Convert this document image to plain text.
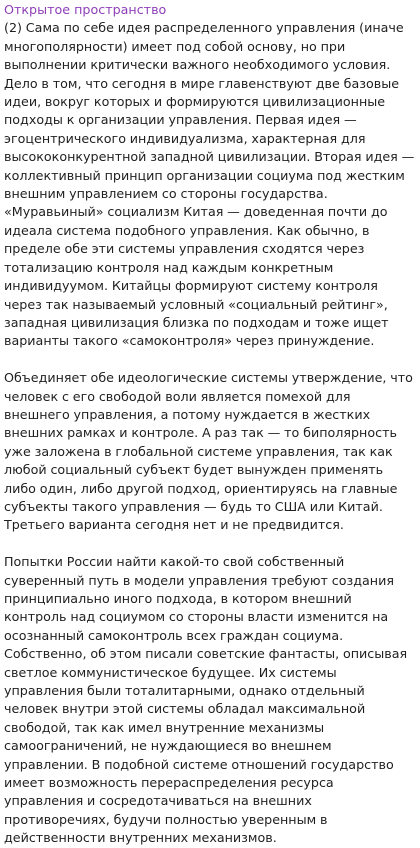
Открытое пространство

(2) Сама по себе идея распределенного управления (иначе многополярности) имеет под собой основу, но при выполнении критически важного необходимого условия. Дело в том, что сегодня в мире главенствуют две базовые идеи, вокруг которых и формируются цивилизационные подходы к организации управления. Первая идея — эгоцентрического индивидуализма, характерная для высококонкурентной западной цивилизации. Вторая идея — коллективный принцип организации социума под жестким внешним управлением со стороны государства. «Муравьиный» социализм Китая — доведенная почти до идеала система подобного управления. Как обычно, в пределе обе эти системы управления сходятся через тотализацию контроля над каждым конкретным индивидуумом. Китайцы формируют систему контроля через так называемый условный «социальный рейтинг», западная цивилизация близка по подходам и тоже ищет варианты такого «самоконтроля» через принуждение.

Объединяет обе идеологические системы утверждение, что человек с его свободой воли является помехой для внешнего управления, а потому нуждается в жестких внешних рамках и контроле. А раз так — то биполярность уже заложена в глобальной системе управления, так как любой социальный субъект будет вынужден применять либо один, либо другой подход, ориентируясь на главные субъекты такого управления — будь то США или Китай. Третьего варианта сегодня нет и не предвидится.

Попытки России найти какой-то свой собственный суверенный путь в модели управления требуют создания принципиально иного подхода, в котором внешний контроль над социумом со стороны власти изменится на осознанный самоконтроль всех граждан социума. Собственно, об этом писали советские фантасты, описывая светлое коммунистическое будущее. Их системы управления были тоталитарными, однако отдельный человек внутри этой системы обладал максимальной свободой, так как имел внутренние механизмы самоограничений, не нуждающиеся во внешнем управлении. В подобной системе отношений государство имеет возможность перераспределения ресурса управления и сосредотачиваться на внешних противоречиях, будучи полностью уверенным в действенности внутренних механизмов.
